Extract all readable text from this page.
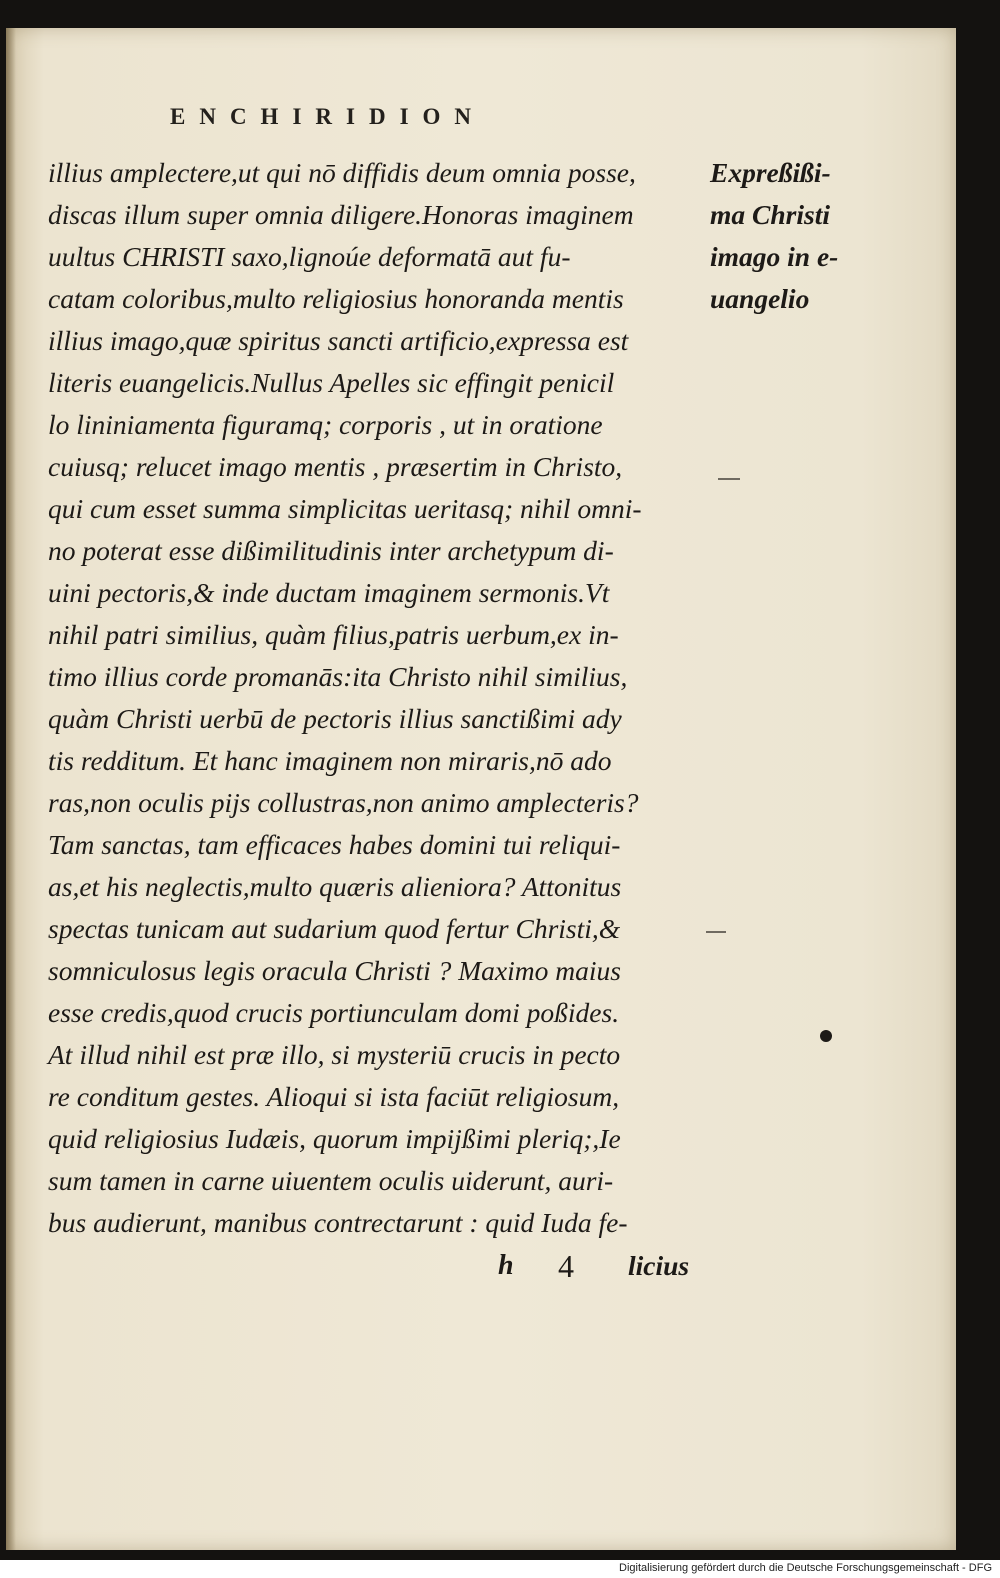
ENCHIRIDION
illius amplectere,ut qui nō diffidis deum omnia posse,
discas illum super omnia diligere.Honoras imaginem
uultus CHRISTI saxo,lignoúe deformatā aut fu-
catam coloribus,multo religiosius honoranda mentis
illius imago,quæ spiritus sancti artificio,expressa est
literis euangelicis.Nullus Apelles sic effingit penicil
lo lininiamenta figuramq; corporis , ut in oratione
cuiusq; relucet imago mentis , præsertim in Christo,
qui cum esset summa simplicitas ueritasq; nihil omni-
no poterat esse dißimilitudinis inter archetypum di-
uini pectoris,& inde ductam imaginem sermonis.Vt
nihil patri similius, quàm filius,patris uerbum,ex in-
timo illius corde promanās:ita Christo nihil similius,
quàm Christi uerbū de pectoris illius sanctißimi ady
tis redditum. Et hanc imaginem non miraris,nō ado
ras,non oculis pijs collustras,non animo amplecteris?
Tam sanctas, tam efficaces habes domini tui reliqui-
as,et his neglectis,multo quæris alieniora? Attonitus
spectas tunicam aut sudarium quod fertur Christi,&
somniculosus legis oracula Christi ? Maximo maius
esse credis,quod crucis portiunculam domi poßides.
At illud nihil est præ illo, si mysteriū crucis in pecto
re conditum gestes. Alioqui si ista faciūt religiosum,
quid religiosius Iudæis, quorum impijßimi pleriq;,Ie
sum tamen in carne uiuentem oculis uiderunt, auri-
bus audierunt, manibus contrectarunt : quid Iuda fe-
Expreßißi-
ma Christi
imago in e-
uangelio
h 4 licius
Digitalisierung gefördert durch die Deutsche Forschungsgemeinschaft - DFG
